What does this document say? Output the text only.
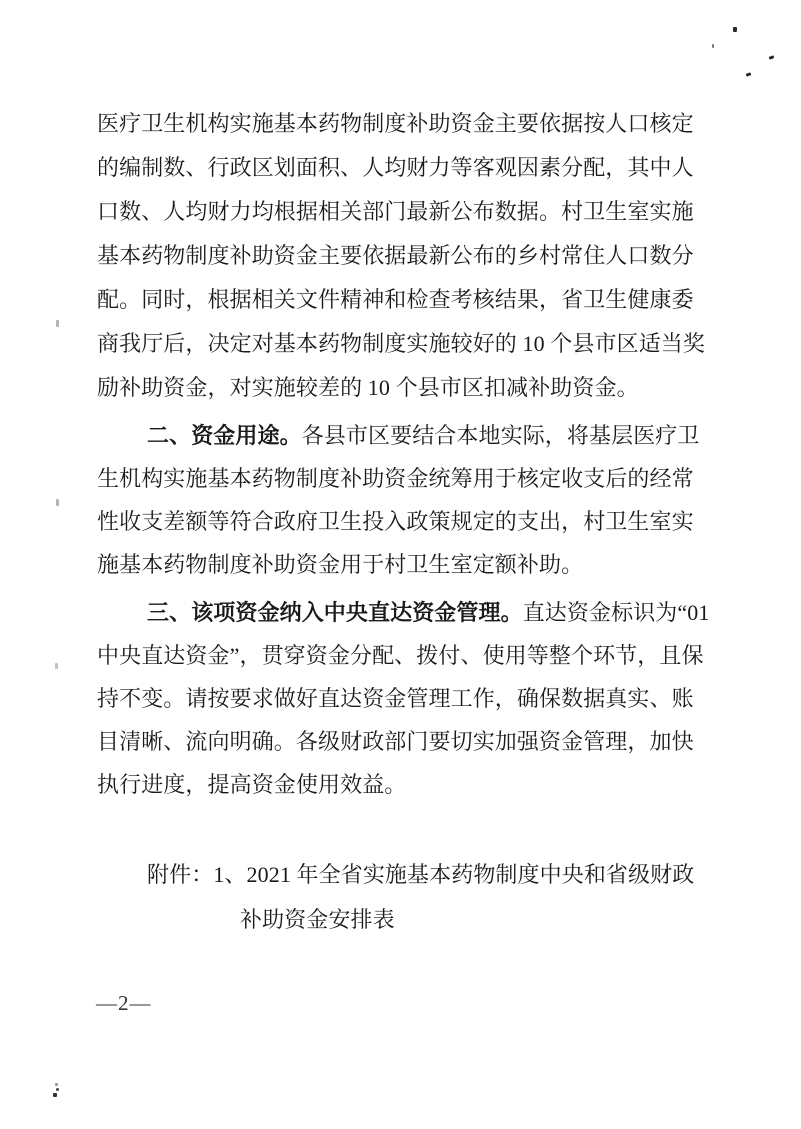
医疗卫生机构实施基本药物制度补助资金主要依据按人口核定
的编制数、行政区划面积、人均财力等客观因素分配，其中人
口数、人均财力均根据相关部门最新公布数据。村卫生室实施
基本药物制度补助资金主要依据最新公布的乡村常住人口数分
配。同时，根据相关文件精神和检查考核结果，省卫生健康委
商我厅后，决定对基本药物制度实施较好的 10 个县市区适当奖
励补助资金，对实施较差的 10 个县市区扣减补助资金。
二、资金用途。各县市区要结合本地实际，将基层医疗卫
生机构实施基本药物制度补助资金统筹用于核定收支后的经常
性收支差额等符合政府卫生投入政策规定的支出，村卫生室实
施基本药物制度补助资金用于村卫生室定额补助。
三、该项资金纳入中央直达资金管理。直达资金标识为“01
中央直达资金”，贯穿资金分配、拨付、使用等整个环节，且保
持不变。请按要求做好直达资金管理工作，确保数据真实、账
目清晰、流向明确。各级财政部门要切实加强资金管理，加快
执行进度，提高资金使用效益。
附件：1、2021 年全省实施基本药物制度中央和省级财政
补助资金安排表
—2—
